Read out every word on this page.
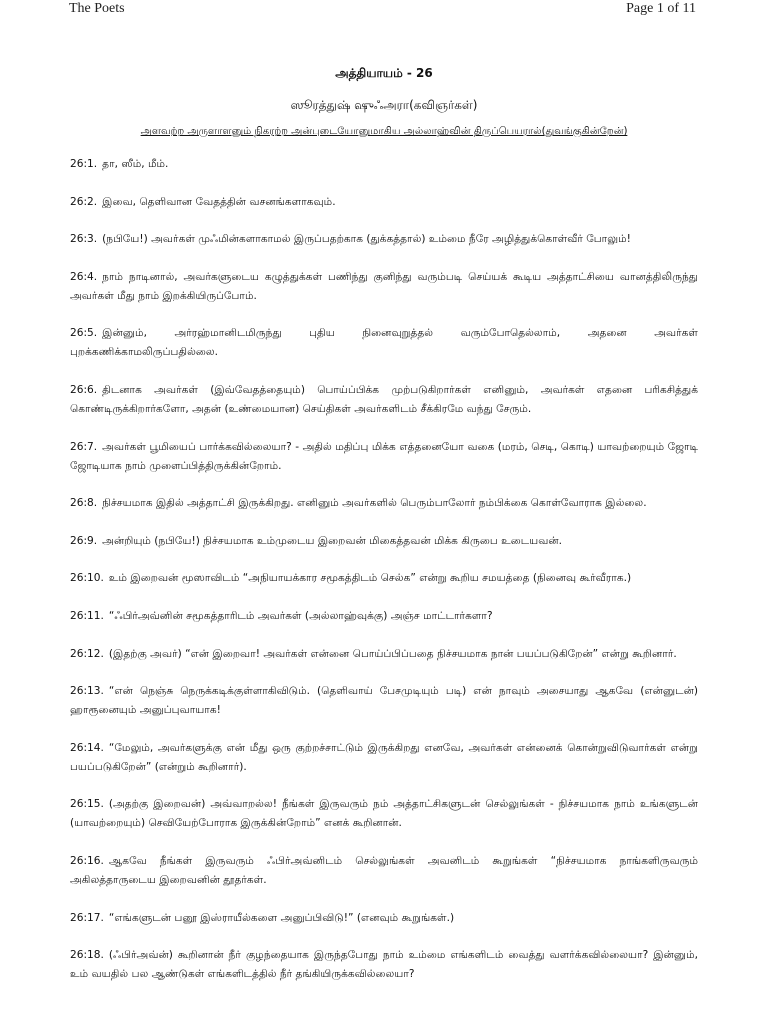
The Poets	Page 1 of 11
அத்தியாயம் - 26
ஸூரத்துஷ் ஷுஃஅரா(கவிஞர்கள்)
அளவற்ற அருளாளனும் நிகரற்ற அன்புடையோனுமாகிய அல்லாஹ்வின் திருப்பெயரால்(துவங்குகின்றேன்)
26:1. தா, ஸீம், மீம்.
26:2. இவை, தெளிவான வேதத்தின் வசனங்களாகவும்.
26:3. (நபியே!) அவர்கள் முஃமின்களாகாமல் இருப்பதற்காக (துக்கத்தால்) உம்மை நீரே அழித்துக்கொள்வீர் போலும்!
26:4. நாம் நாடினால், அவர்களுடைய கழுத்துக்கள் பணிந்து குனிந்து வரும்படி செய்யக் கூடிய அத்தாட்சியை வானத்திலிருந்து அவர்கள் மீது நாம் இறக்கியிருப்போம்.
26:5. இன்னும், அர்ரஹ்மானிடமிருந்து புதிய நினைவுறுத்தல் வரும்போதெல்லாம், அதனை அவர்கள் புறக்கணிக்காமலிருப்பதில்லை.
26:6. திடனாக அவர்கள் (இவ்வேதத்தையும்) பொய்ப்பிக்க முற்படுகிறார்கள் எனினும், அவர்கள் எதனை பரிகசித்துக் கொண்டிருக்கிறார்களோ, அதன் (உண்மையான) செய்திகள் அவர்களிடம் சீக்கிரமே வந்து சேரும்.
26:7. அவர்கள் பூமியைப் பார்க்கவில்லையா? - அதில் மதிப்பு மிக்க எத்தனையோ வகை (மரம், செடி, கொடி) யாவற்றையும் ஜோடி ஜோடியாக நாம் முளைப்பித்திருக்கின்றோம்.
26:8. நிச்சயமாக இதில் அத்தாட்சி இருக்கிறது. எனினும் அவர்களில் பெரும்பாலோர் நம்பிக்கை கொள்வோராக இல்லை.
26:9. அன்றியும் (நபியே!) நிச்சயமாக உம்முடைய இறைவன் மிகைத்தவன் மிக்க கிருபை உடையவன்.
26:10. உம் இறைவன் மூஸாவிடம் “அநியாயக்கார சமூகத்திடம் செல்க” என்று கூறிய சமயத்தை (நினைவு கூர்வீராக.)
26:11. “ஃபிர்அவ்னின் சமூகத்தாரிடம் அவர்கள் (அல்லாஹ்வுக்கு) அஞ்ச மாட்டார்களா?
26:12. (இதற்கு அவர்) “என் இறைவா! அவர்கள் என்னை பொய்ப்பிப்பதை நிச்சயமாக நான் பயப்படுகிறேன்” என்று கூறினார்.
26:13. “என் நெஞ்சு நெருக்கடிக்குள்ளாகிவிடும். (தெளிவாய் பேசமுடியும் படி) என் நாவும் அசையாது ஆகவே (என்னுடன்) ஹாரூனையும் அனுப்புவாயாக!
26:14. “மேலும், அவர்களுக்கு என் மீது ஒரு குற்றச்சாட்டும் இருக்கிறது எனவே, அவர்கள் என்னைக் கொன்றுவிடுவார்கள் என்று பயப்படுகிறேன்” (என்றும் கூறினார்).
26:15. (அதற்கு இறைவன்) அவ்வாறல்ல! நீங்கள் இருவரும் நம் அத்தாட்சிகளுடன் செல்லுங்கள் - நிச்சயமாக நாம் உங்களுடன் (யாவற்றையும்) செவியேற்போராக இருக்கின்றோம்” எனக் கூறினான்.
26:16. ஆகவே நீங்கள் இருவரும் ஃபிர்அவ்னிடம் செல்லுங்கள் அவனிடம் கூறுங்கள் “நிச்சயமாக நாங்களிருவரும் அகிலத்தாருடைய இறைவனின் தூதர்கள்.
26:17. “எங்களுடன் பனூ இஸ்ராயீல்களை அனுப்பிவிடு!” (எனவும் கூறுங்கள்.)
26:18. (ஃபிர்அவ்ன்) கூறினான் நீர் குழந்தையாக இருந்தபோது நாம் உம்மை எங்களிடம் வைத்து வளர்க்கவில்லையா? இன்னும், உம் வயதில் பல ஆண்டுகள் எங்களிடத்தில் நீர் தங்கியிருக்கவில்லையா?
